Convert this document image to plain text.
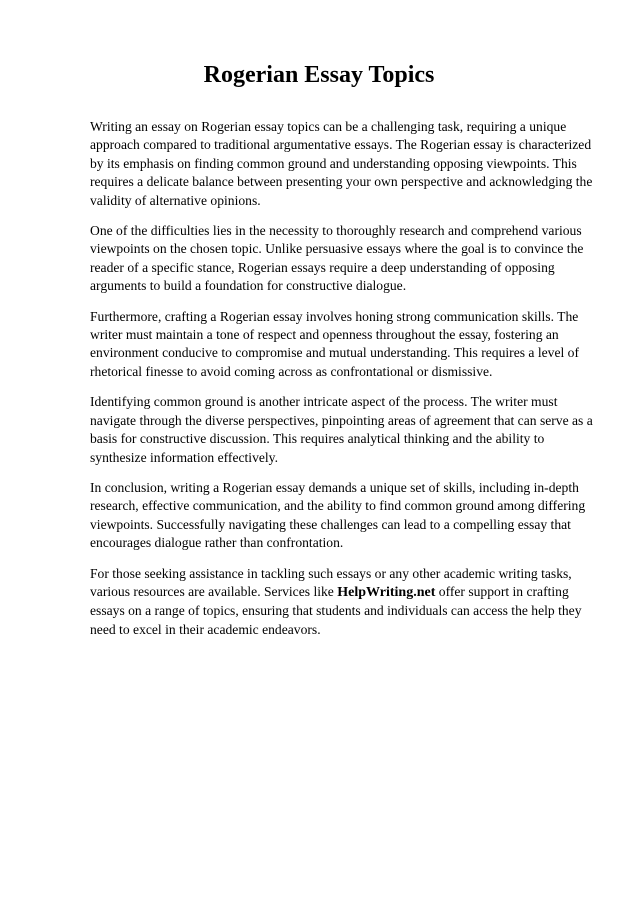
Rogerian Essay Topics

Writing an essay on Rogerian essay topics can be a challenging task, requiring a unique approach compared to traditional argumentative essays. The Rogerian essay is characterized by its emphasis on finding common ground and understanding opposing viewpoints. This requires a delicate balance between presenting your own perspective and acknowledging the validity of alternative opinions.

One of the difficulties lies in the necessity to thoroughly research and comprehend various viewpoints on the chosen topic. Unlike persuasive essays where the goal is to convince the reader of a specific stance, Rogerian essays require a deep understanding of opposing arguments to build a foundation for constructive dialogue.

Furthermore, crafting a Rogerian essay involves honing strong communication skills. The writer must maintain a tone of respect and openness throughout the essay, fostering an environment conducive to compromise and mutual understanding. This requires a level of rhetorical finesse to avoid coming across as confrontational or dismissive.

Identifying common ground is another intricate aspect of the process. The writer must navigate through the diverse perspectives, pinpointing areas of agreement that can serve as a basis for constructive discussion. This requires analytical thinking and the ability to synthesize information effectively.

In conclusion, writing a Rogerian essay demands a unique set of skills, including in-depth research, effective communication, and the ability to find common ground among differing viewpoints. Successfully navigating these challenges can lead to a compelling essay that encourages dialogue rather than confrontation.

For those seeking assistance in tackling such essays or any other academic writing tasks, various resources are available. Services like HelpWriting.net offer support in crafting essays on a range of topics, ensuring that students and individuals can access the help they need to excel in their academic endeavors.
